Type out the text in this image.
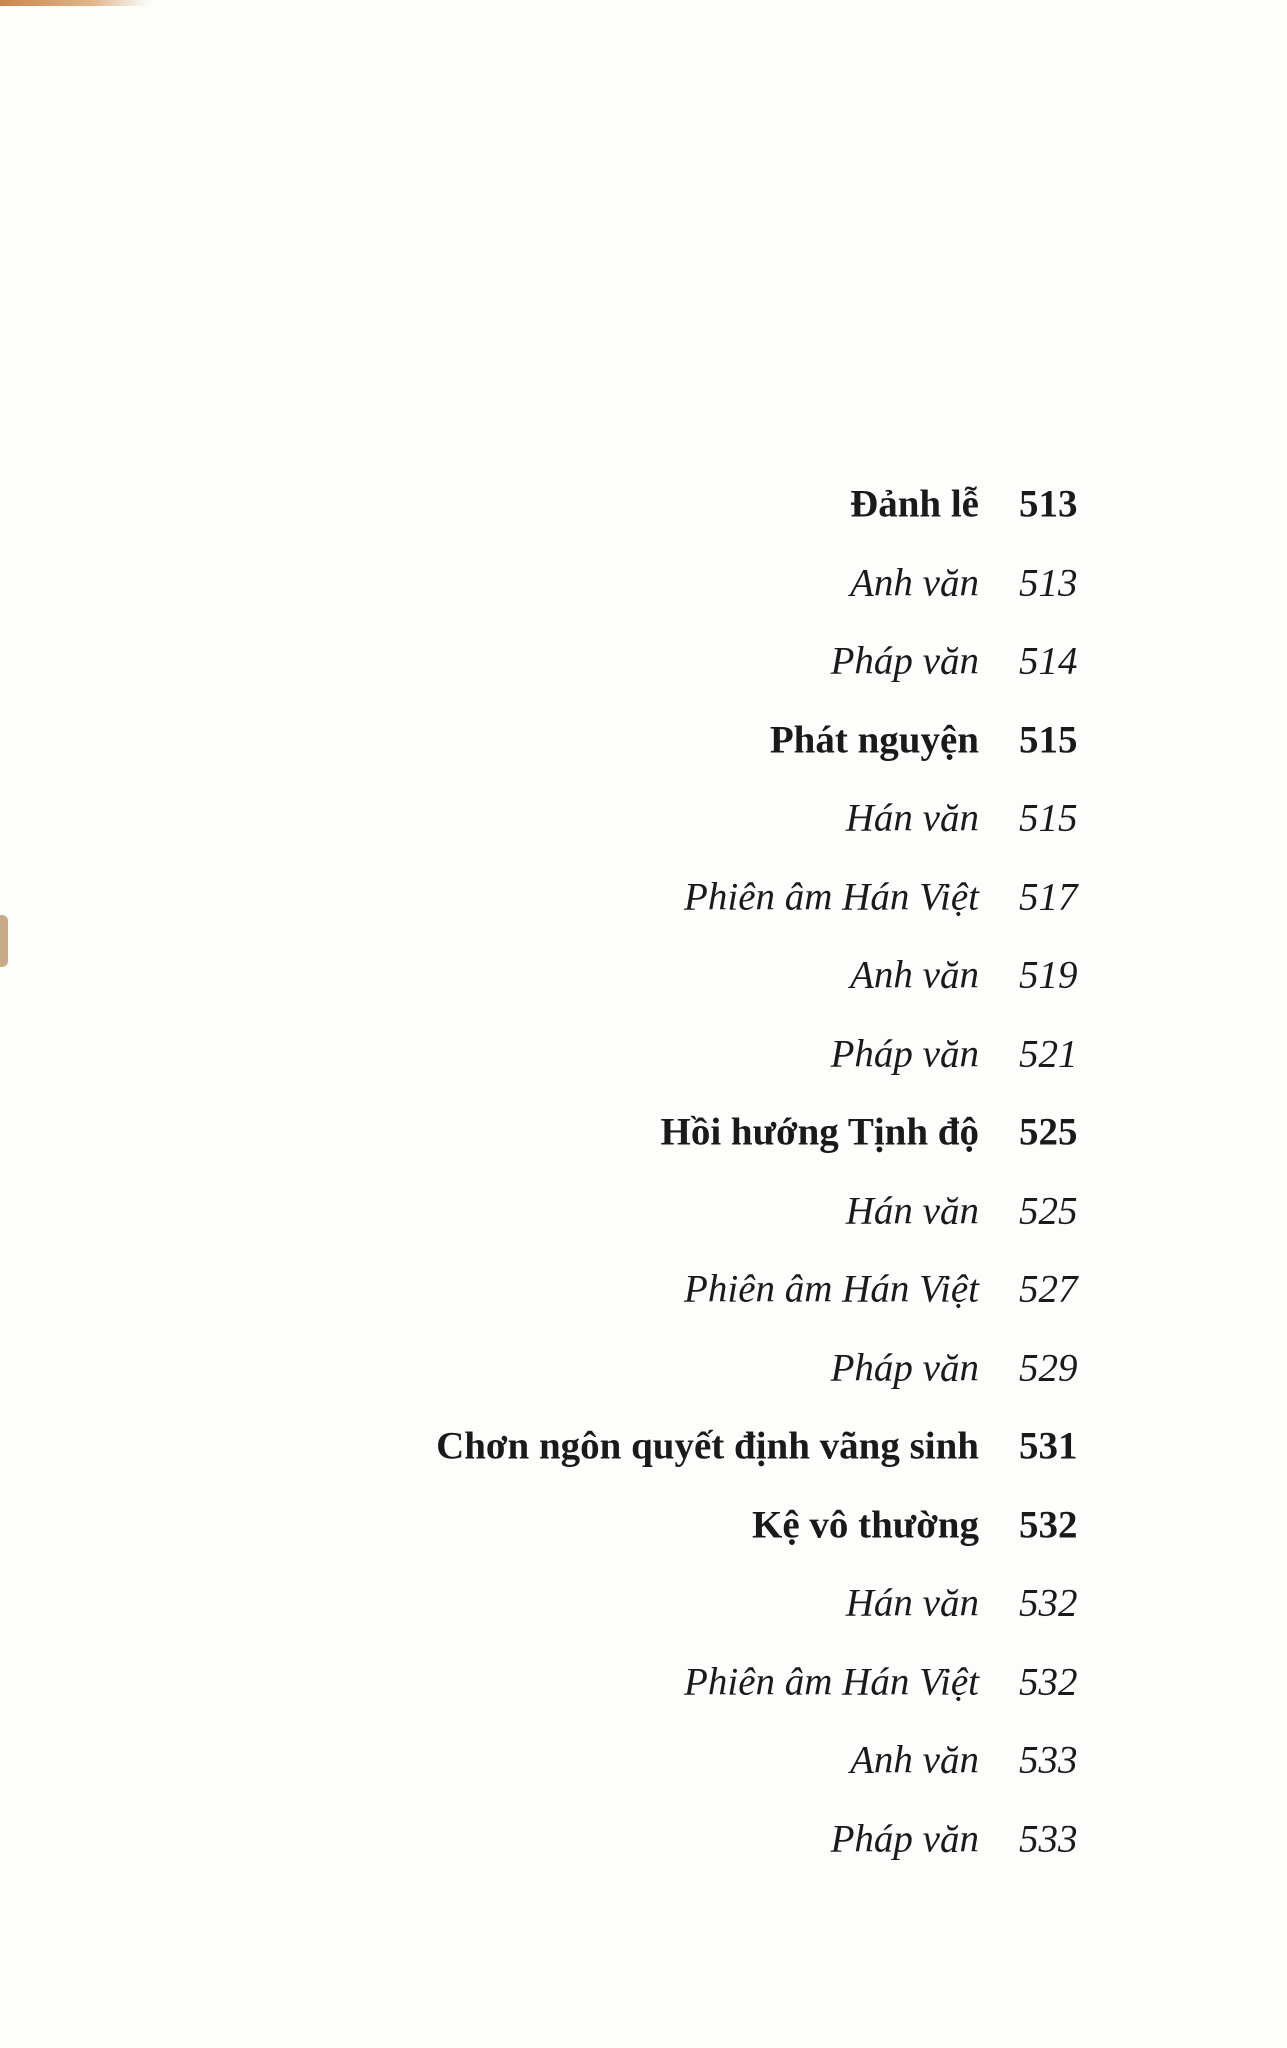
Đảnh lễ 513
Anh văn 513
Pháp văn 514
Phát nguyện 515
Hán văn 515
Phiên âm Hán Việt 517
Anh văn 519
Pháp văn 521
Hồi hướng Tịnh độ 525
Hán văn 525
Phiên âm Hán Việt 527
Pháp văn 529
Chơn ngôn quyết định vãng sinh 531
Kệ vô thường 532
Hán văn 532
Phiên âm Hán Việt 532
Anh văn 533
Pháp văn 533
